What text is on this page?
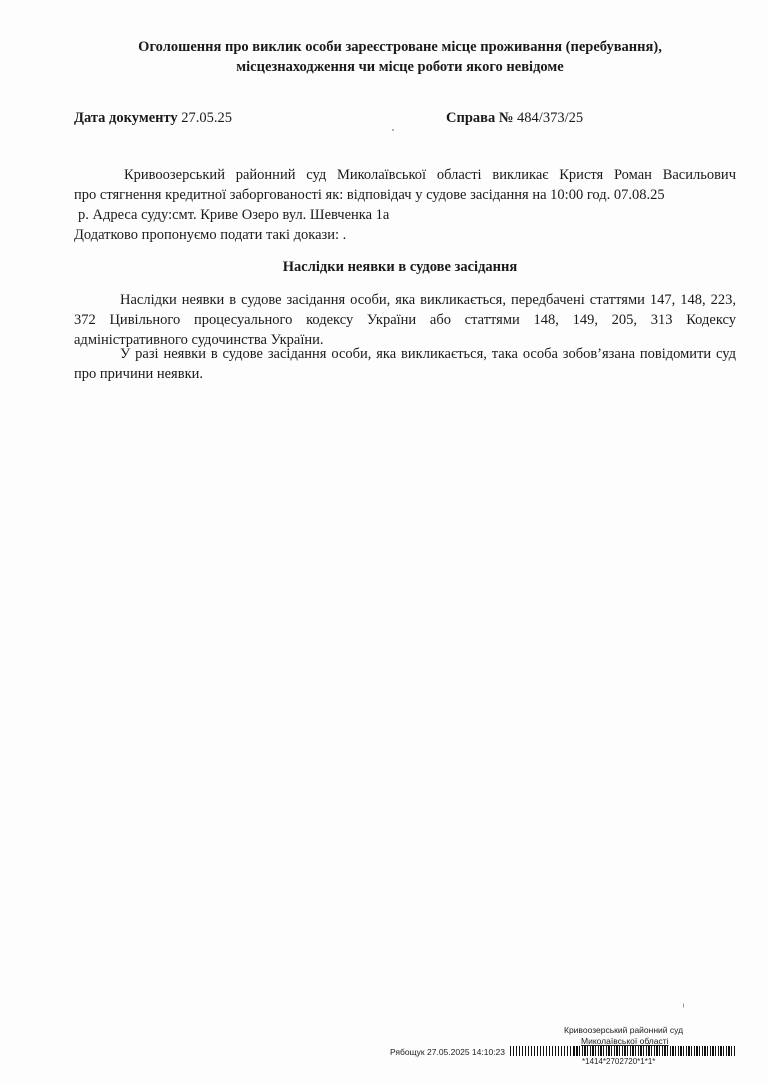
Оголошення про виклик особи зареєстроване місце проживання (перебування),
місцезнаходження чи місце роботи якого невідоме
Дата документу 27.05.25	Справа № 484/373/25
Кривоозерський районний суд Миколаївської області викликає Кристя Роман Васильович
про стягнення кредитної заборгованості як: відповідач у судове засідання на 10:00 год. 07.08.25
р. Адреса суду:смт. Криве Озеро вул. Шевченка 1а
Додатково пропонуємо подати такі докази: .
Наслідки неявки в судове засідання
Наслідки неявки в судове засідання особи, яка викликається, передбачені статтями 147, 148, 223, 372 Цивільного процесуального кодексу України або статтями 148, 149, 205, 313 Кодексу адміністративного судочинства України.
У разі неявки в судове засідання особи, яка викликається, така особа зобов’язана повідомити суд про причини неявки.
Кривоозерський районний суд
Миколаївської області
Рябощук 27.05.2025 14:10:23
*1414*2702720*1*1*
